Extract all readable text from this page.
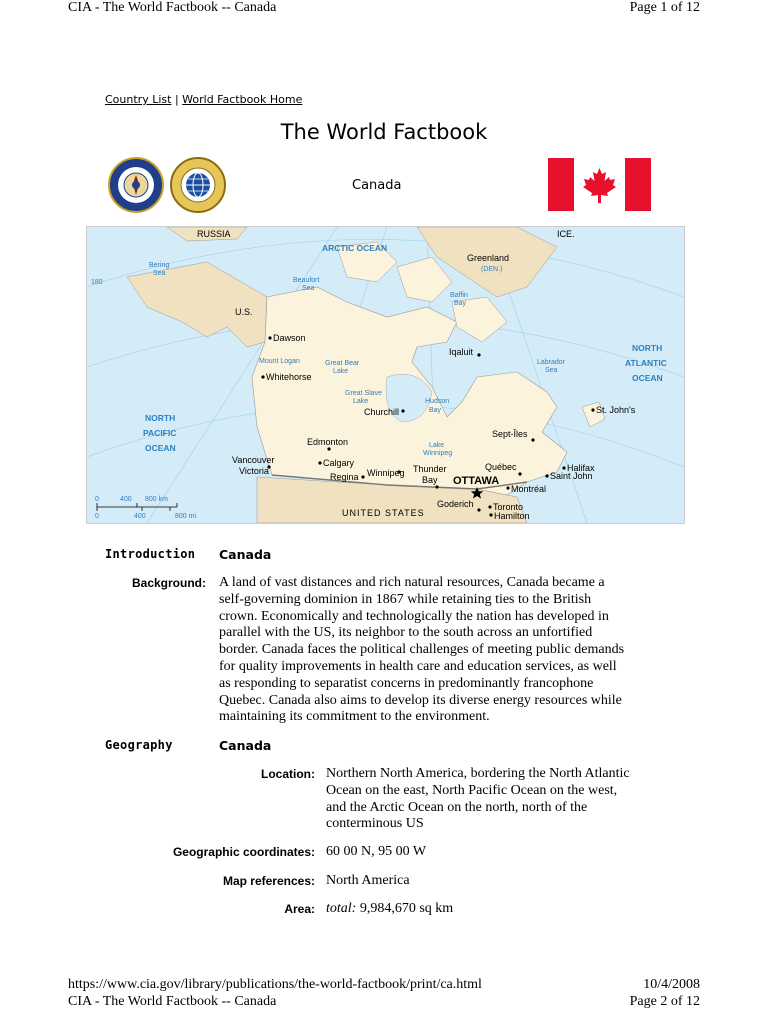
CIA - The World Factbook -- Canada	Page 1 of 12
Country List | World Factbook Home
The World Factbook
Canada
RUSSIA
ARCTIC OCEAN
Greenland
(DEN.)
ICE.
Bering
Sea
Beaufort
Sea
Baffin
Bay
U.S.
Dawson
Mount Logan
Whitehorse
Great Bear
Lake
Iqaluit
Labrador
Sea
NORTH
ATLANTIC
OCEAN
Great Slave
Lake	Hudson
Bay
Churchill	St. John's
NORTH
PACIFIC
OCEAN
Edmonton	Lake
Winnipeg
Sept-Îles
Vancouver
Victoria
Calgary
Regina Winnipeg Thunder
Bay
Québec	Halifax
Saint John
OTTAWA
Montréal
UNITED STATES
Goderich Toronto
Hamilton
180
0	400 800 km
0	400	800 mi
Introduction Canada
Background: A land of vast distances and rich natural resources, Canada became a
self-governing dominion in 1867 while retaining ties to the British
crown. Economically and technologically the nation has developed in
parallel with the US, its neighbor to the south across an unfortified
border. Canada faces the political challenges of meeting public demands
for quality improvements in health care and education services, as well
as responding to separatist concerns in predominantly francophone
Quebec. Canada also aims to develop its diverse energy resources while
maintaining its commitment to the environment.
Geography	Canada
Location: Northern North America, bordering the North Atlantic
Ocean on the east, North Pacific Ocean on the west,
and the Arctic Ocean on the north, north of the
conterminous US
Geographic coordinates: 60 00 N, 95 00 W
Map references: North America
Area: total: 9,984,670 sq km
https://www.cia.gov/library/publications/the-world-factbook/print/ca.html	10/4/2008
CIA - The World Factbook -- Canada	Page 2 of 12
